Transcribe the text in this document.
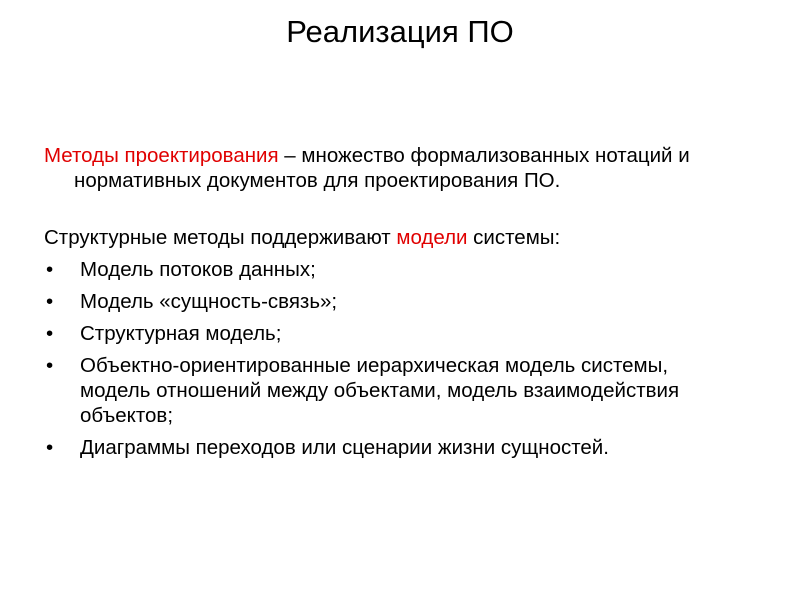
Реализация ПО

Методы проектирования – множество формализованных нотаций и нормативных документов для проектирования ПО.

Структурные методы поддерживают модели системы:

• Модель потоков данных;
• Модель «сущность-связь»;
• Структурная модель;
• Объектно-ориентированные иерархическая модель системы, модель отношений между объектами, модель взаимодействия объектов;
• Диаграммы переходов или сценарии жизни сущностей.
